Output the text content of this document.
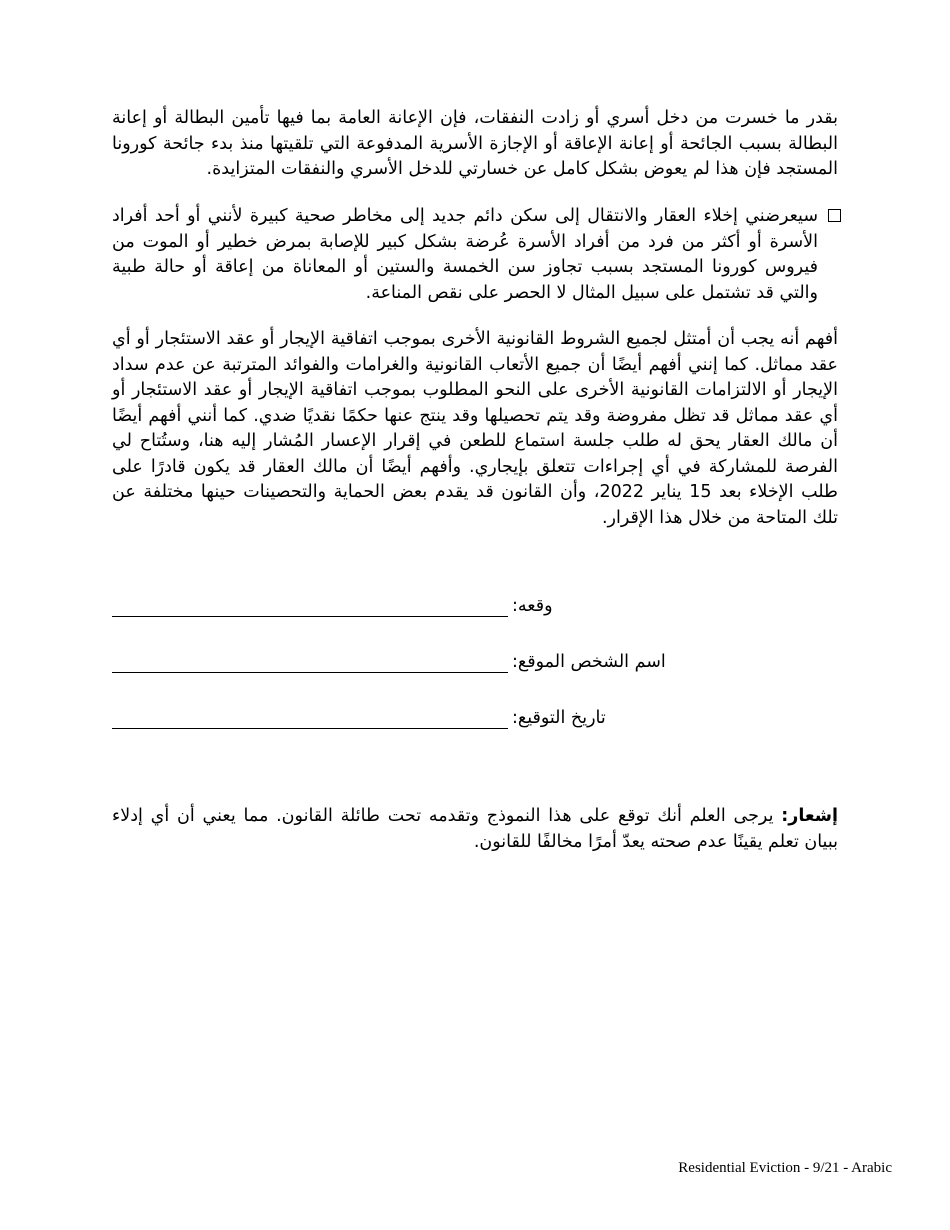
بقدر ما خسرت من دخل أسري أو زادت النفقات، فإن الإعانة العامة بما فيها تأمين البطالة أو إعانة البطالة بسبب الجائحة أو إعانة الإعاقة أو الإجازة الأسرية المدفوعة التي تلقيتها منذ بدء جائحة كورونا المستجد فإن هذا لم يعوض بشكل كامل عن خسارتي للدخل الأسري والنفقات المتزايدة.

سيعرضني إخلاء العقار والانتقال إلى سكن دائم جديد إلى مخاطر صحية كبيرة لأنني أو أحد أفراد الأسرة أو أكثر من فرد من أفراد الأسرة عُرضة بشكل كبير للإصابة بمرض خطير أو الموت من فيروس كورونا المستجد بسبب تجاوز سن الخمسة والستين أو المعاناة من إعاقة أو حالة طبية والتي قد تشتمل على سبيل المثال لا الحصر على نقص المناعة.

أفهم أنه يجب أن أمتثل لجميع الشروط القانونية الأخرى بموجب اتفاقية الإيجار أو عقد الاستئجار أو أي عقد مماثل. كما إنني أفهم أيضًا أن جميع الأتعاب القانونية والغرامات والفوائد المترتبة عن عدم سداد الإيجار أو الالتزامات القانونية الأخرى على النحو المطلوب بموجب اتفاقية الإيجار أو عقد الاستئجار أو أي عقد مماثل قد تظل مفروضة وقد يتم تحصيلها وقد ينتج عنها حكمًا نقديًا ضدي. كما أنني أفهم أيضًا أن مالك العقار يحق له طلب جلسة استماع للطعن في إقرار الإعسار المُشار إليه هنا، وستُتاح لي الفرصة للمشاركة في أي إجراءات تتعلق بإيجاري. وأفهم أيضًا أن مالك العقار قد يكون قادرًا على طلب الإخلاء بعد 15 يناير 2022، وأن القانون قد يقدم بعض الحماية والتحصينات حينها مختلفة عن تلك المتاحة من خلال هذا الإقرار.

وقعه:
اسم الشخص الموقع:
تاريخ التوقيع:

إشعار: يرجى العلم أنك توقع على هذا النموذج وتقدمه تحت طائلة القانون. مما يعني أن أي إدلاء ببيان تعلم يقينًا عدم صحته يعدّ أمرًا مخالفًا للقانون.

Residential Eviction - 9/21 - Arabic
